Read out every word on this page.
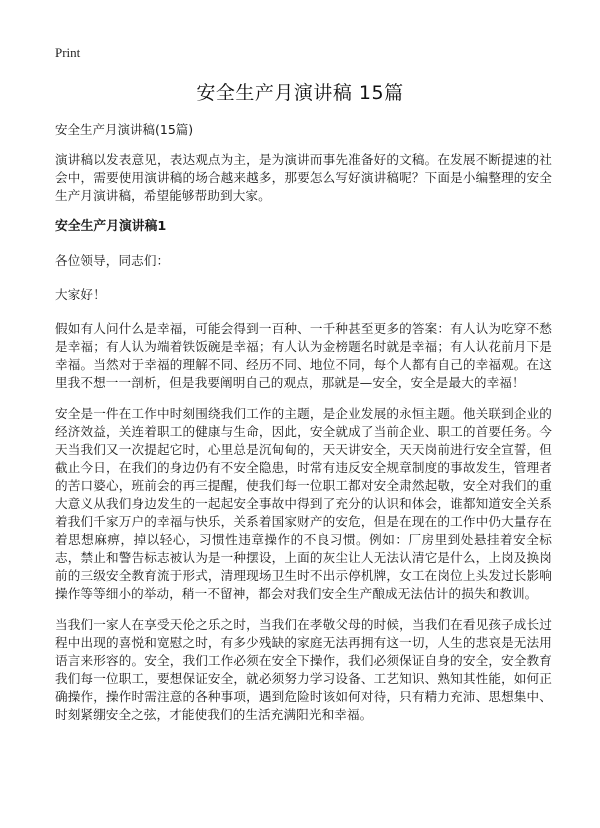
Print
安全生产月演讲稿 15篇
安全生产月演讲稿(15篇)

演讲稿以发表意见，表达观点为主，是为演讲而事先准备好的文稿。在发展不断提速的社会中，需要使用演讲稿的场合越来越多，那要怎么写好演讲稿呢？下面是小编整理的安全生产月演讲稿，希望能够帮助到大家。

安全生产月演讲稿1

各位领导，同志们：

大家好！

假如有人问什么是幸福，可能会得到一百种、一千种甚至更多的答案：有人认为吃穿不愁是幸福；有人认为端着铁饭碗是幸福；有人认为金榜题名时就是幸福；有人认花前月下是幸福。当然对于幸福的理解不同、经历不同、地位不同，每个人都有自己的幸福观。在这里我不想一一剖析，但是我要阐明自己的观点，那就是—安全，安全是最大的幸福！

安全是一件在工作中时刻围绕我们工作的主题，是企业发展的永恒主题。他关联到企业的经济效益，关连着职工的健康与生命，因此，安全就成了当前企业、职工的首要任务。今天当我们又一次提起它时，心里总是沉甸甸的，天天讲安全，天天岗前进行安全宣誓，但截止今日，在我们的身边仍有不安全隐患，时常有违反安全规章制度的事故发生，管理者的苦口婆心，班前会的再三提醒，使我们每一位职工都对安全肃然起敬，安全对我们的重大意义从我们身边发生的一起起安全事故中得到了充分的认识和体会，谁都知道安全关系着我们千家万户的幸福与快乐，关系着国家财产的安危，但是在现在的工作中仍大量存在着思想麻痹，掉以轻心，习惯性违章操作的不良习惯。例如：厂房里到处悬挂着安全标志，禁止和警告标志被认为是一种摆设，上面的灰尘让人无法认清它是什么，上岗及换岗前的三级安全教育流于形式，清理现场卫生时不出示停机牌，女工在岗位上头发过长影响操作等等细小的举动，稍一不留神，都会对我们安全生产酿成无法估计的损失和教训。

当我们一家人在享受天伦之乐之时，当我们在孝敬父母的时候，当我们在看见孩子成长过程中出现的喜悦和宽慰之时，有多少残缺的家庭无法再拥有这一切，人生的悲哀是无法用语言来形容的。安全，我们工作必须在安全下操作，我们必须保证自身的安全，安全教育我们每一位职工，要想保证安全，就必须努力学习设备、工艺知识、熟知其性能，如何正确操作，操作时需注意的各种事项，遇到危险时该如何对待，只有精力充沛、思想集中、时刻紧绷安全之弦，才能使我们的生活充满阳光和幸福。
